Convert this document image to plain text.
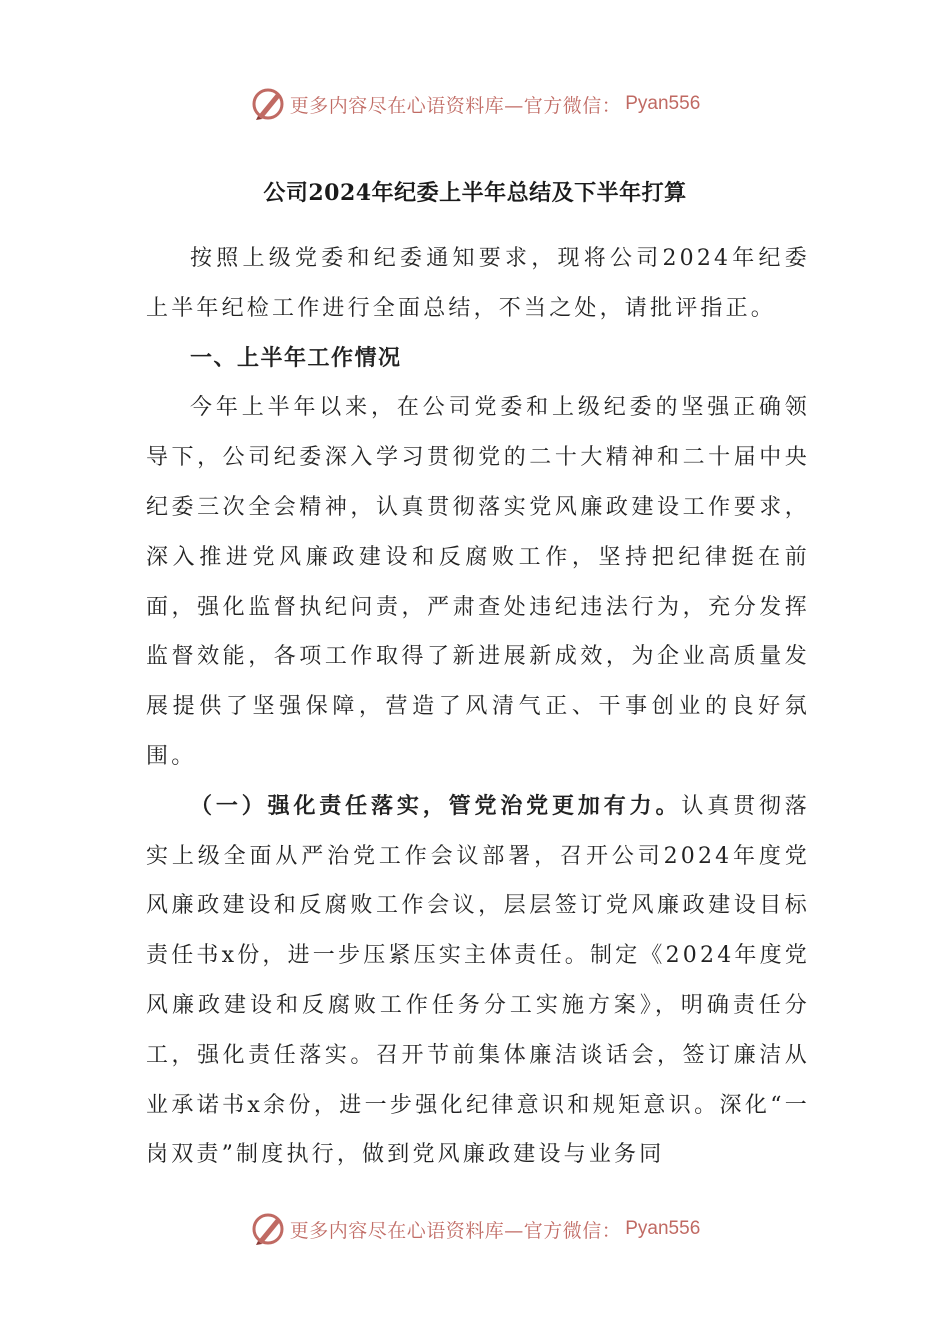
更多内容尽在心语资料库—官方微信： Pyan556
公司2024年纪委上半年总结及下半年打算

按照上级党委和纪委通知要求，现将公司2024年纪委上半年纪检工作进行全面总结，不当之处，请批评指正。

一、上半年工作情况

今年上半年以来，在公司党委和上级纪委的坚强正确领导下，公司纪委深入学习贯彻党的二十大精神和二十届中央纪委三次全会精神，认真贯彻落实党风廉政建设工作要求，深入推进党风廉政建设和反腐败工作，坚持把纪律挺在前面，强化监督执纪问责，严肃查处违纪违法行为，充分发挥监督效能，各项工作取得了新进展新成效，为企业高质量发展提供了坚强保障，营造了风清气正、干事创业的良好氛围。

（一）强化责任落实，管党治党更加有力。认真贯彻落实上级全面从严治党工作会议部署，召开公司2024年度党风廉政建设和反腐败工作会议，层层签订党风廉政建设目标责任书x份，进一步压紧压实主体责任。制定《2024年度党风廉政建设和反腐败工作任务分工实施方案》，明确责任分工，强化责任落实。召开节前集体廉洁谈话会，签订廉洁从业承诺书x余份，进一步强化纪律意识和规矩意识。深化“一岗双责”制度执行，做到党风廉政建设与业务同

更多内容尽在心语资料库—官方微信： Pyan556
